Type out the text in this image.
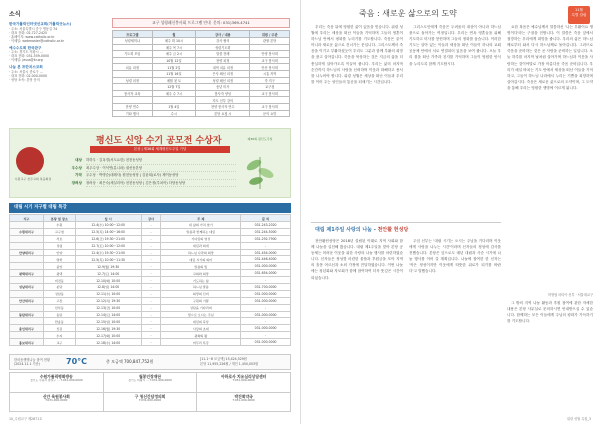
소식
한국가톨릭인터넷선교회(가톨릭굿뉴스)
· 주소: 서울특별시 중구 명동길 74
· 대표 전화: 02-727-2425
· 홈페이지: www.catholic.or.kr
· 이메일: webmaster@catholic.or.kr
예수수도회 한국관구
· 주소: 경기도 의왕시 ...
· 대표 전화: 031-559-0000
· 이메일: jesus@kr.org
나눔 본 프란치스코회
· 주소: 서울시 종로구 ...
· 대표 전화: 02-000-0000
· 성당 소속: 본당 문의
교구 성령쇄신봉사회 프로그램 안내 문의: 031)369-4741
프로그램	월	강사 / 내용	위원 / 주관
성령세미나	매주 화 10시	강사 협의	관할 본당
	매주 목 7시	성령기도회	
기도회 모임	매주 금 2시	말씀 전례	안양 봉사회
	10월 12일	찬양 피정	교구 봉사회
치유 피정	11월 2일	내적 치유 피정	안산 봉사회
	11월 16일	은사 쇄신 피정	시흥 지역
성령 피정	매월 첫 토	성령 쇄신 피정	각 지구
	12월 7일	송년 미사	교구청
봉사자 교육	매주 수 7시	봉사자 양성	교구 봉사회
		지도 신부 강의	
찬양 연수	1월 4일	찬양 봉사자 연수	교구 봉사회
기타 행사	수시	본당 요청 시	문의 요망
수원교구 천주교회 복음화실
평신도 신앙 수기 공모전 수상자
본상 | 제36회 세계평신도주일 기념
대상
우수상
가작
장려상
하하우 · 김옥경(서도요한) 천천동성당
최우수상 · 이석연(분니파) 권선동본당
우수상 · 박명순(데레사) 원천동성당 | 김윤희(로사) 제이동성당
장려상 · 최은숙(세실리아) 천천동성당 | 김은정(루치아) 다당동성당
제36회 평신도주일
대림 시기 지구별 대림 특강
지구	본당 및 장소	일 시	강사	주 제	문 의
	수원	12.4(수) 10:00~12:00	-	내 삶의 가치 찾기	031-243-2020
수원대리구	교구청	12.5(목) 14:00~16:00	-	말씀과 함께하는 대림	031-244-5000
	서호	12.6(금) 19:30~21:00	-	기다림의 영성	031-292-7900
	성령	12.7(토) 10:00~12:00	-	대림과 회개	-
안양대리구	안양	12.4(수) 19:30~21:00	-	하느님 나라의 희망	031-454-0000
	명학	12.5(목) 10:00~11:30	-	대림 시기의 의미	031-446-4000
	중앙	12.9(월) 19:30	-	말씀의 빛	031-000-0000
평택대리구	평택	12.7(토) 14:00	-	교회와 희망	031-654-0000
	비전동	12.10(화) 10:00	-	기도하는 삶	-
성남대리구	분당	12.8(일) 14:00	-	하느님 말씀	031-700-0000
	성남동	12.11(수) 10:00	-	희망의 신비	031-000-0000
안산대리구	고잔	12.12(목) 19:30	-	구원의 기쁨	031-000-0000
	선부동	12.13(금) 10:00	-	성탄을 기다리며	-
동탄대리구	동탄	12.14(토) 14:00	-	빛으로 오시는 주님	031-000-0000
	반송동	12.15(일) 10:00	-	대림의 묵상	-
용인대리구	신갈	12.16(월) 19:30	-	사랑의 초대	031-000-0000
	수지	12.17(화) 10:00	-	평화의 왕	-
홍보대리구	교구	12.18(수) 14:00	-	마무리 특강	031-000-0000
한마음생명나눔 참여 현황
(2024.11.1 기준)	70°C	총 모금액 700,847,752원	[11.1~8 모금액] 15,424,529원
본당 11,955,226원 / 개인 1,450,003원
수원가톨릭평화방송
경기도 수원시 팔달구 ... T.031-000-0000
월봉인장재단
경기도 의왕시 ... T.031-000-0000
아하로사 치유심리상담센터
T.031-000-0000
신안 육원봉사회
T.031-000-0000
구 청신간담정의회
T.031-000-0000
박진회약국
T.031-000-0000
10_수원교구 제2871호
죽음 : 새로운 삶으로의 도약	11월
특별 칼럼

우리는 죽음 뒤에 영원한 삶이 있음을 믿습니다. 위령 성월에 우리는 세상을 떠난 이들을 기억하며 그들의 영혼이 하느님 안에서 평화를 누리기를 기도합니다. 죽음은 끝이 아니라 새로운 삶으로 건너가는 문입니다. 그리스도께서 죽음을 이기고 부활하셨듯이 우리도 그분과 함께 부활의 희망을 품고 살아갑니다. 죽음을 묵상하는 것은 지금의 삶을 더 충실하게 살아가도록 이끌어 줍니다. 우리는 삶의 마지막 순간까지 하느님의 사랑을 신뢰하며 이웃과 화해하고 용서를 나누어야 합니다. 위령 성월은 세상을 떠난 이들과 우리를 이어 주는 성인들의 통공을 되새기는 시간입니다.

그리스도인에게 죽음은 두려움의 대상이 아니라 하느님 품으로 돌아가는 여정입니다. 우리는 연옥 영혼들을 위해 기도하고 미사를 봉헌하며 그들의 정화를 돕습니다. 이러한 기도는 살아 있는 이들과 세상을 떠난 이들이 하나의 교회 공동체 안에서 서로 연결되어 있음을 보여 줍니다. 오늘 우리 곁을 떠난 가족과 친지를 기억하며 그들이 영원한 안식을 누리도록 함께 기도합시다.

요한 복음은 예수님께서 말씀하신 '나는 부활이요 생명이다'라는 구절을 전합니다. 이 말씀은 죽음 앞에서 절망하는 우리에게 희망을 줍니다. 우리의 삶은 하느님께로부터 와서 다시 하느님께로 돌아갑니다. 그러므로 죽음을 준비하는 것은 곧 사랑을 준비하는 일입니다. 오늘 하루를 마지막 날처럼 살아가며 하느님과 이웃을 사랑하는 것이야말로 가장 아름다운 죽음 준비입니다. 우리가 매일 바치는 기도 안에서 세상을 떠난 이들을 기억하고, 그들이 하느님 나라에서 누리는 기쁨을 희망하며 살아갑시다. 죽음은 새로운 삶으로의 도약이며, 그 도약을 통해 우리는 영원한 생명에 이르게 됩니다.

허영엽 마티아 신부 · 서울대교구
대림 제1주일 사랑의 나눔 - 천안활 헌성당

천안활헌성당은 2018년 설립된 이래로 지역 사회와 함께 나눔을 실천해 왔습니다. 대림 제1주일을 맞아 본당 공동체는 어려운 이웃을 위한 사랑의 나눔 행사를 마련하였습니다. 신자들은 정성껏 마련한 물품과 후원금을 모아 지역의 홀몸 어르신과 소외 가정에 전달하였습니다. 이번 나눔에는 청년회와 자모회가 함께 참여하여 더욱 뜻깊은 시간이 되었습니다.

주임 신부는 '대림 시기는 오시는 주님을 기다리며 이웃에게 사랑을 나누는 시간'이라며 신자들의 정성에 감사를 전했습니다. 본당은 앞으로도 매년 대림과 사순 시기에 나눔 행사를 이어 갈 계획입니다. 나눔에 참여한 한 신자는 '작은 정성이지만 이웃에게 따뜻한 위로가 되기를 바란다'고 말했습니다.

그 밖의 지역 나눔 활동과 후원 참여에 관한 자세한 내용은 본당 사무실로 문의하시면 안내받으실 수 있습니다. 함께하는 모든 이들에게 주님의 평화가 가득하기를 기도합니다.

위령 성월 특집_3
